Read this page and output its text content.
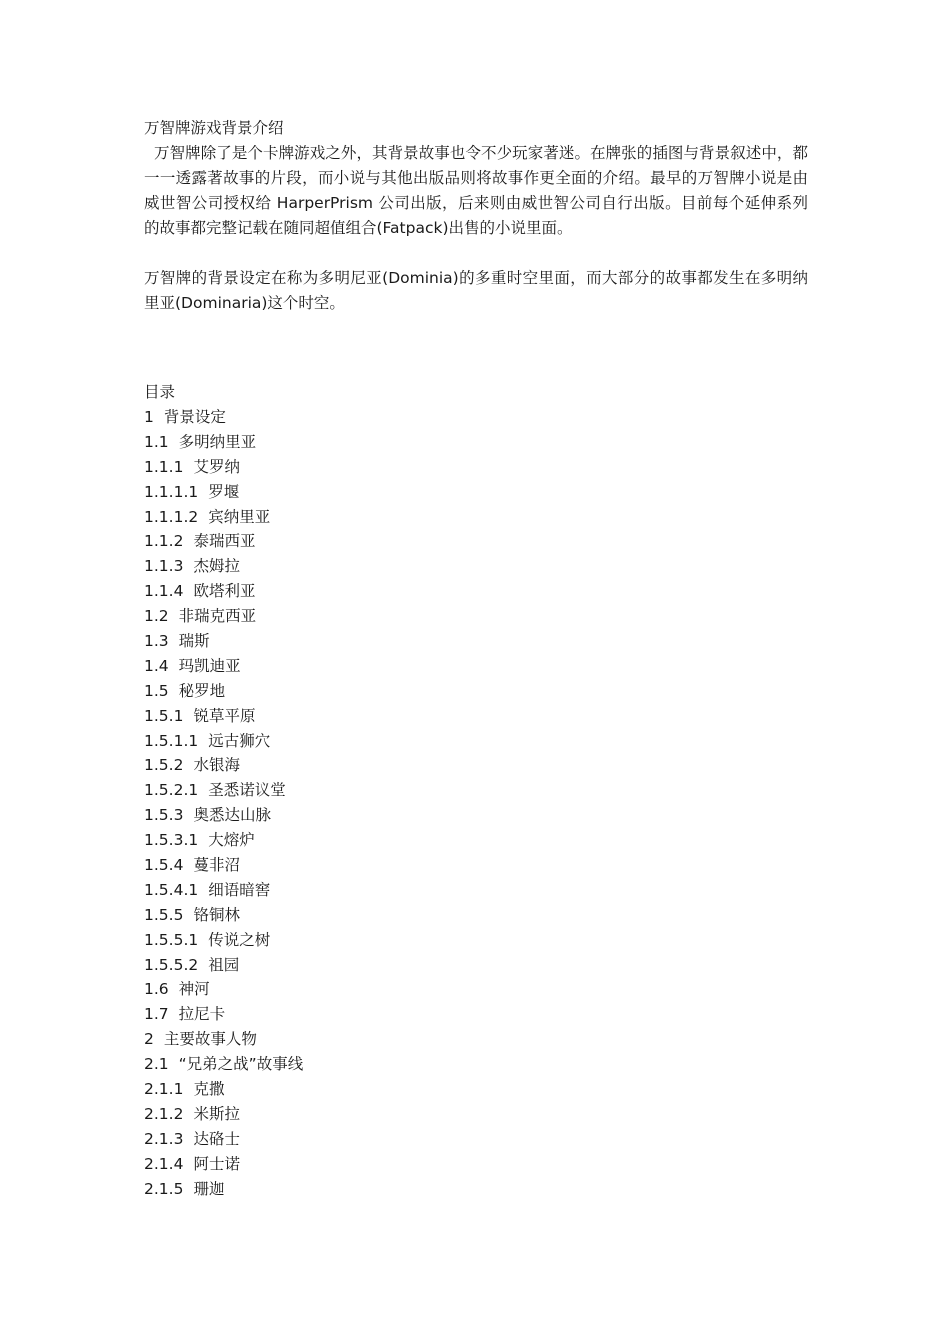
万智牌游戏背景介绍

万智牌除了是个卡牌游戏之外，其背景故事也令不少玩家著迷。在牌张的插图与背景叙述中，都一一透露著故事的片段，而小说与其他出版品则将故事作更全面的介绍。最早的万智牌小说是由威世智公司授权给 HarperPrism 公司出版，后来则由威世智公司自行出版。目前每个延伸系列的故事都完整记载在随同超值组合(Fatpack)出售的小说里面。

万智牌的背景设定在称为多明尼亚(Dominia)的多重时空里面，而大部分的故事都发生在多明纳里亚(Dominaria)这个时空。

目录
1 背景设定
1.1 多明纳里亚
1.1.1 艾罗纳
1.1.1.1 罗堰
1.1.1.2 宾纳里亚
1.1.2 泰瑞西亚
1.1.3 杰姆拉
1.1.4 欧塔利亚
1.2 非瑞克西亚
1.3 瑞斯
1.4 玛凯迪亚
1.5 秘罗地
1.5.1 锐草平原
1.5.1.1 远古狮穴
1.5.2 水银海
1.5.2.1 圣悉诺议堂
1.5.3 奥悉达山脉
1.5.3.1 大熔炉
1.5.4 蔓非沼
1.5.4.1 细语暗窖
1.5.5 铬铜林
1.5.5.1 传说之树
1.5.5.2 祖园
1.6 神河
1.7 拉尼卡
2 主要故事人物
2.1 “兄弟之战”故事线
2.1.1 克撒
2.1.2 米斯拉
2.1.3 达硌士
2.1.4 阿士诺
2.1.5 珊迦
